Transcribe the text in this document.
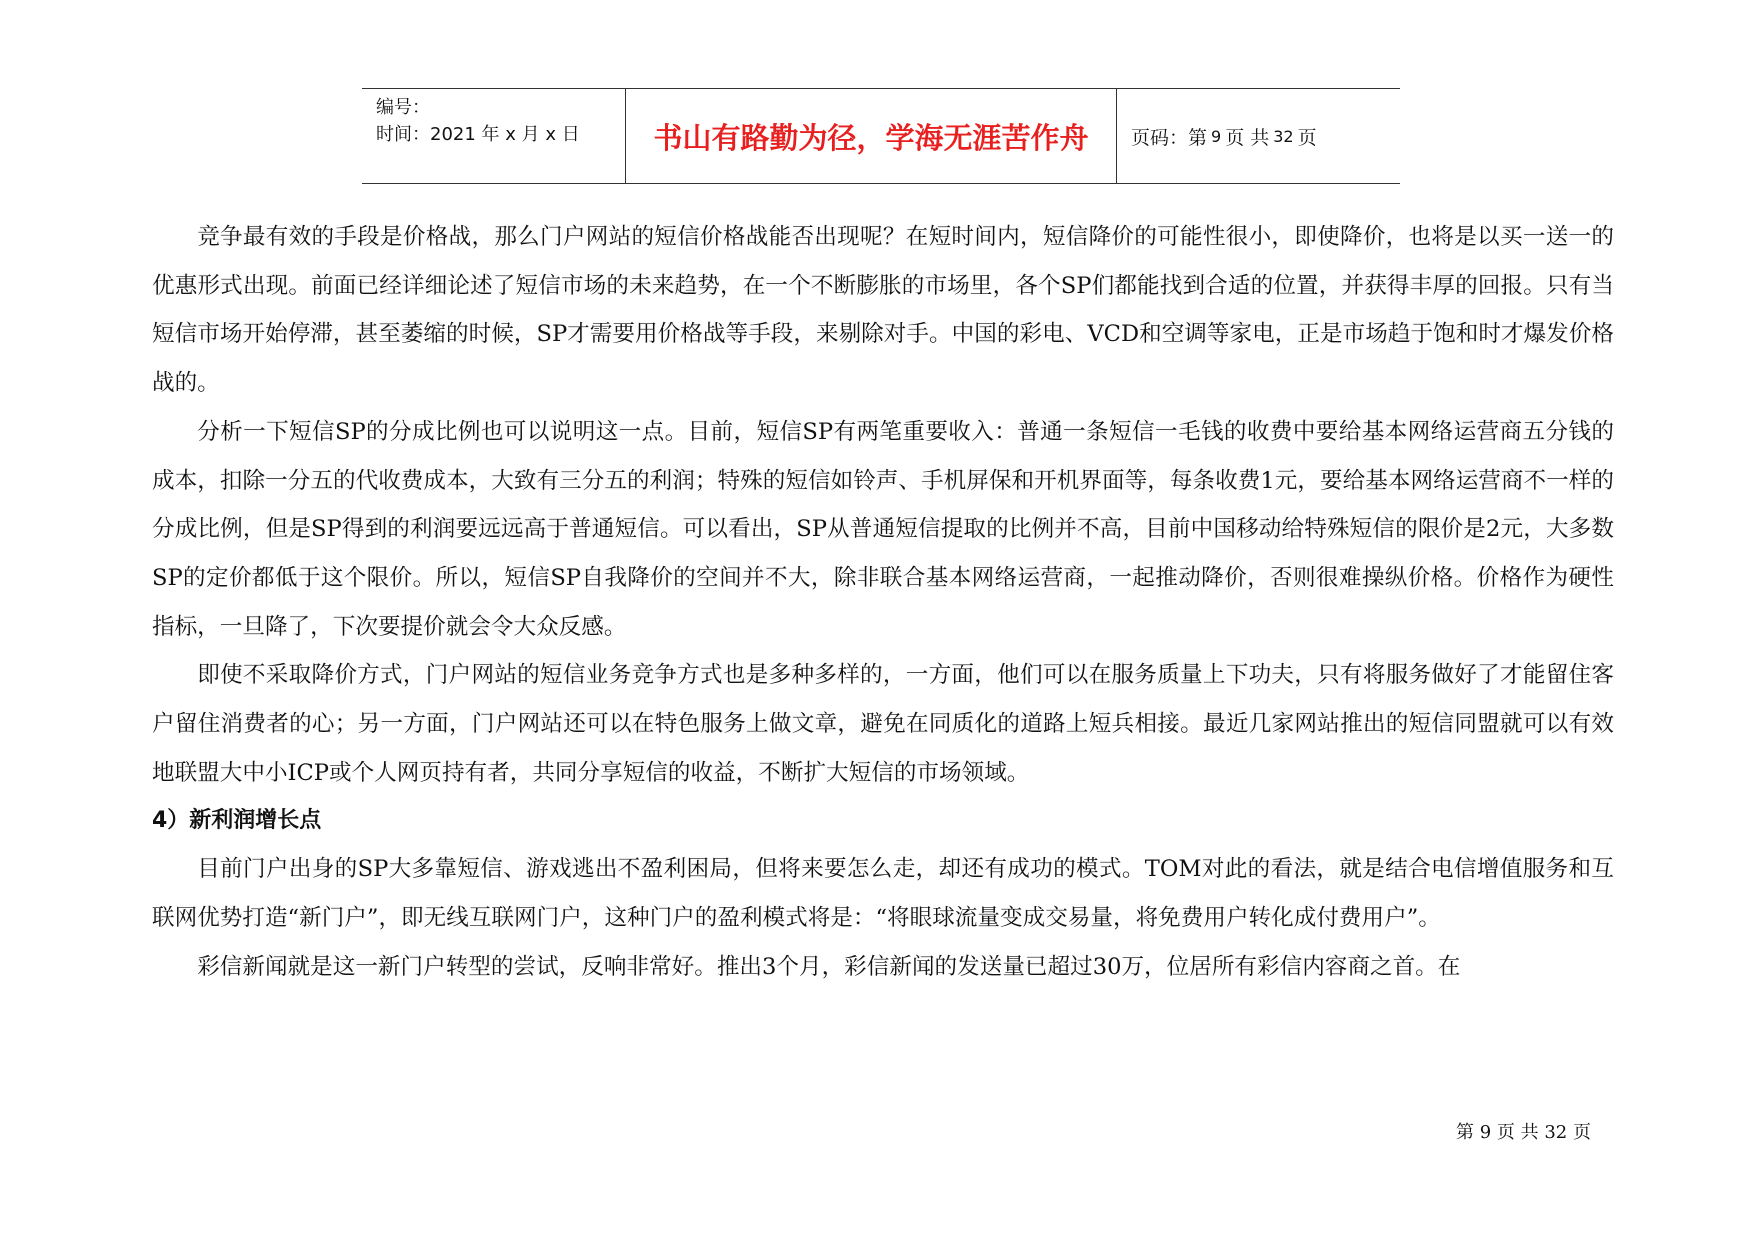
编号：
时间：2021 年 x 月 x 日	书山有路勤为径，学海无涯苦作舟	页码：第 9 页 共 32 页

竞争最有效的手段是价格战，那么门户网站的短信价格战能否出现呢？在短时间内，短信降价的可能性很小，即使降价，也将是以买一送一的优惠形式出现。前面已经详细论述了短信市场的未来趋势，在一个不断膨胀的市场里，各个SP们都能找到合适的位置，并获得丰厚的回报。只有当短信市场开始停滞，甚至萎缩的时候，SP才需要用价格战等手段，来剔除对手。中国的彩电、VCD和空调等家电，正是市场趋于饱和时才爆发价格战的。

分析一下短信SP的分成比例也可以说明这一点。目前，短信SP有两笔重要收入：普通一条短信一毛钱的收费中要给基本网络运营商五分钱的成本，扣除一分五的代收费成本，大致有三分五的利润；特殊的短信如铃声、手机屏保和开机界面等，每条收费1元，要给基本网络运营商不一样的分成比例，但是SP得到的利润要远远高于普通短信。可以看出，SP从普通短信提取的比例并不高，目前中国移动给特殊短信的限价是2元，大多数SP的定价都低于这个限价。所以，短信SP自我降价的空间并不大，除非联合基本网络运营商，一起推动降价，否则很难操纵价格。价格作为硬性指标，一旦降了，下次要提价就会令大众反感。

即使不采取降价方式，门户网站的短信业务竞争方式也是多种多样的，一方面，他们可以在服务质量上下功夫，只有将服务做好了才能留住客户留住消费者的心；另一方面，门户网站还可以在特色服务上做文章，避免在同质化的道路上短兵相接。最近几家网站推出的短信同盟就可以有效地联盟大中小ICP或个人网页持有者，共同分享短信的收益，不断扩大短信的市场领域。

4）新利润增长点

目前门户出身的SP大多靠短信、游戏逃出不盈利困局，但将来要怎么走，却还有成功的模式。TOM对此的看法，就是结合电信增值服务和互联网优势打造“新门户”，即无线互联网门户，这种门户的盈利模式将是：“将眼球流量变成交易量，将免费用户转化成付费用户”。

彩信新闻就是这一新门户转型的尝试，反响非常好。推出3个月，彩信新闻的发送量已超过30万，位居所有彩信内容商之首。在

第 9 页 共 32 页
